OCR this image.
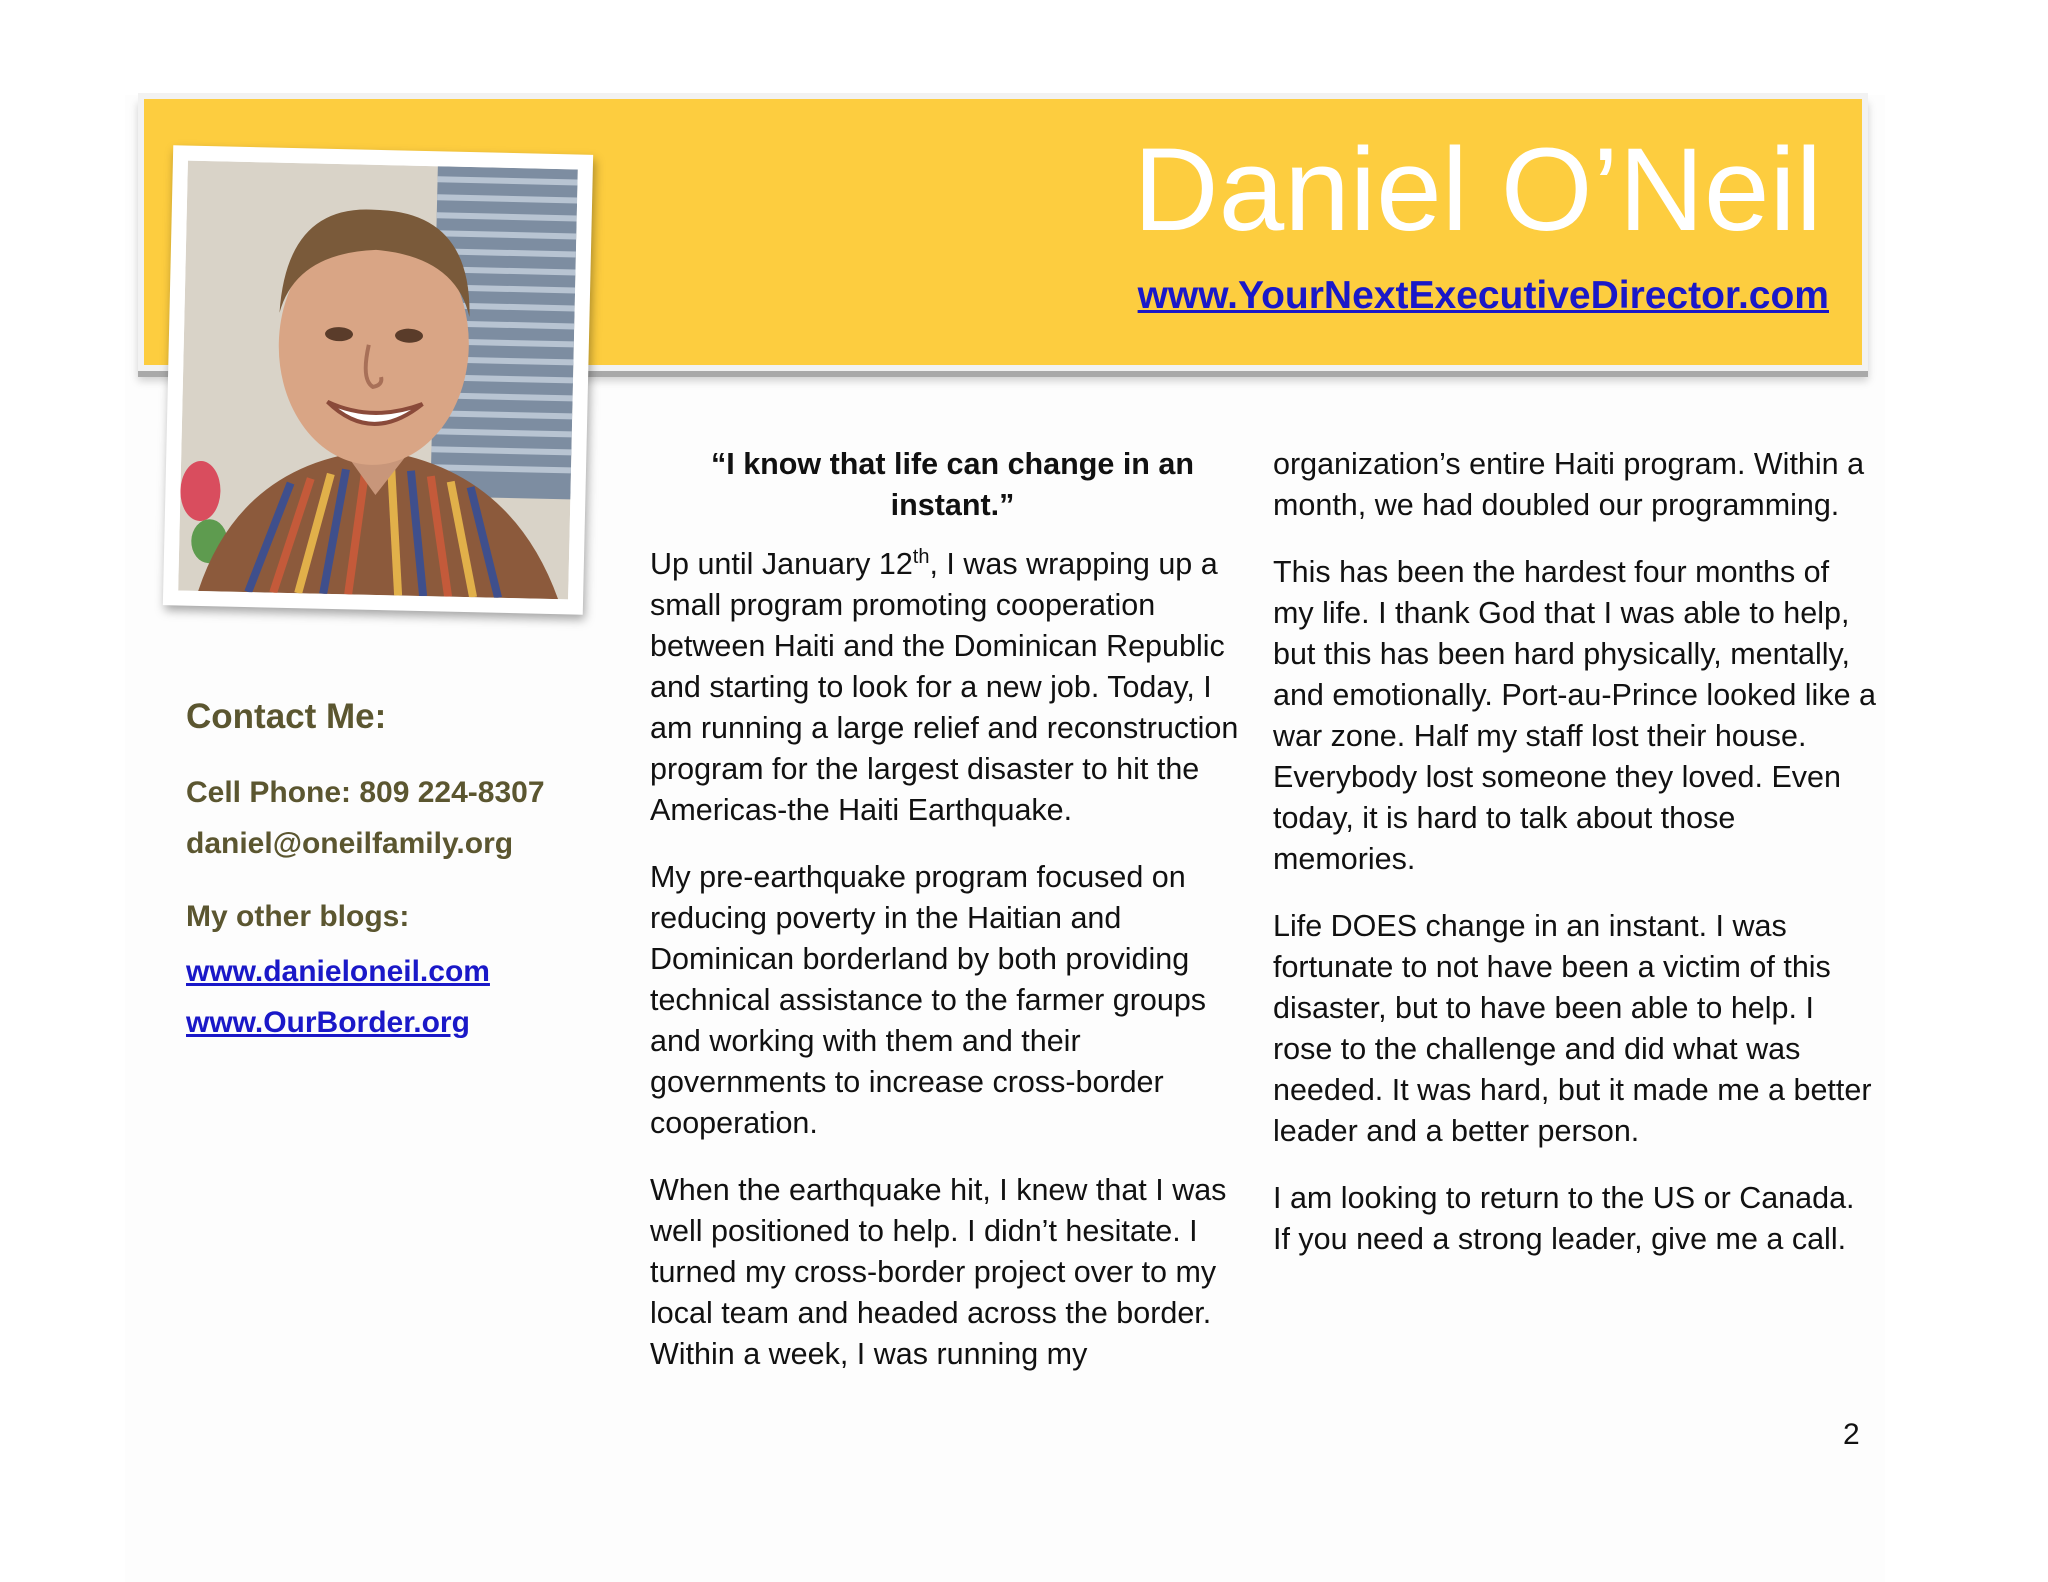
Daniel O’Neil
www.YourNextExecutiveDirector.com

Contact Me:

Cell Phone: 809 224-8307

daniel@oneilfamily.org

My other blogs:

www.danieloneil.com
www.OurBorder.org

“I know that life can change in an instant.”

Up until January 12th, I was wrapping up a small program promoting cooperation between Haiti and the Dominican Republic and starting to look for a new job. Today, I am running a large relief and reconstruction program for the largest disaster to hit the Americas-the Haiti Earthquake.

My pre-earthquake program focused on reducing poverty in the Haitian and Dominican borderland by both providing technical assistance to the farmer groups and working with them and their governments to increase cross-border cooperation.

When the earthquake hit, I knew that I was well positioned to help. I didn’t hesitate. I turned my cross-border project over to my local team and headed across the border. Within a week, I was running my

organization’s entire Haiti program. Within a month, we had doubled our programming.

This has been the hardest four months of my life. I thank God that I was able to help, but this has been hard physically, mentally, and emotionally. Port-au-Prince looked like a war zone. Half my staff lost their house. Everybody lost someone they loved. Even today, it is hard to talk about those memories.

Life DOES change in an instant. I was fortunate to not have been a victim of this disaster, but to have been able to help. I rose to the challenge and did what was needed. It was hard, but it made me a better leader and a better person.

I am looking to return to the US or Canada. If you need a strong leader, give me a call.

2
